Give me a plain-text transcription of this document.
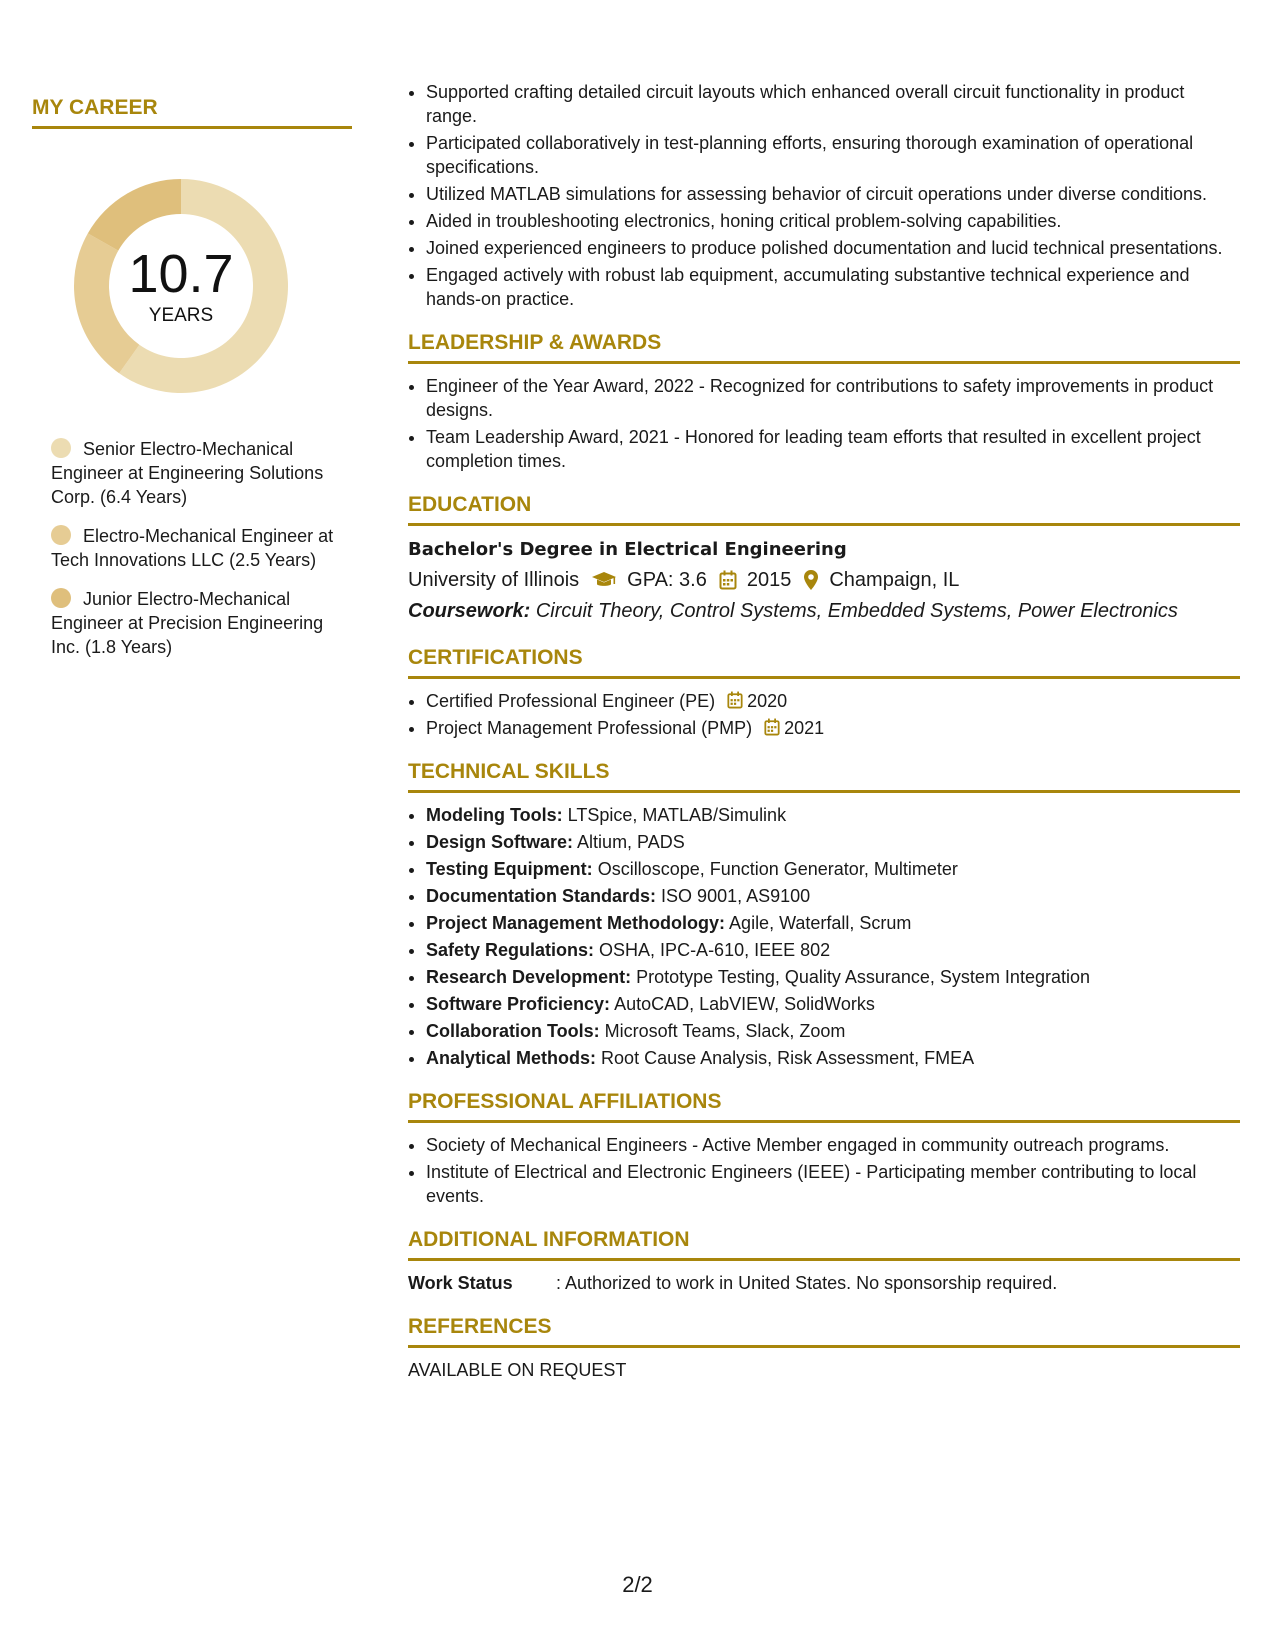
MY CAREER
10.7
YEARS
Senior Electro-Mechanical Engineer at Engineering Solutions Corp. (6.4 Years)
Electro-Mechanical Engineer at Tech Innovations LLC (2.5 Years)
Junior Electro-Mechanical Engineer at Precision Engineering Inc. (1.8 Years)
• Supported crafting detailed circuit layouts which enhanced overall circuit functionality in product range.
• Participated collaboratively in test-planning efforts, ensuring thorough examination of operational specifications.
• Utilized MATLAB simulations for assessing behavior of circuit operations under diverse conditions.
• Aided in troubleshooting electronics, honing critical problem-solving capabilities.
• Joined experienced engineers to produce polished documentation and lucid technical presentations.
• Engaged actively with robust lab equipment, accumulating substantive technical experience and hands-on practice.
LEADERSHIP & AWARDS
• Engineer of the Year Award, 2022 - Recognized for contributions to safety improvements in product designs.
• Team Leadership Award, 2021 - Honored for leading team efforts that resulted in excellent project completion times.
EDUCATION
Bachelor's Degree in Electrical Engineering
University of Illinois GPA: 3.6 2015 Champaign, IL
Coursework: Circuit Theory, Control Systems, Embedded Systems, Power Electronics
CERTIFICATIONS
• Certified Professional Engineer (PE) 2020
• Project Management Professional (PMP) 2021
TECHNICAL SKILLS
• Modeling Tools: LTSpice, MATLAB/Simulink
• Design Software: Altium, PADS
• Testing Equipment: Oscilloscope, Function Generator, Multimeter
• Documentation Standards: ISO 9001, AS9100
• Project Management Methodology: Agile, Waterfall, Scrum
• Safety Regulations: OSHA, IPC-A-610, IEEE 802
• Research Development: Prototype Testing, Quality Assurance, System Integration
• Software Proficiency: AutoCAD, LabVIEW, SolidWorks
• Collaboration Tools: Microsoft Teams, Slack, Zoom
• Analytical Methods: Root Cause Analysis, Risk Assessment, FMEA
PROFESSIONAL AFFILIATIONS
• Society of Mechanical Engineers - Active Member engaged in community outreach programs.
• Institute of Electrical and Electronic Engineers (IEEE) - Participating member contributing to local events.
ADDITIONAL INFORMATION
Work Status	: Authorized to work in United States. No sponsorship required.
REFERENCES
AVAILABLE ON REQUEST
2/2
